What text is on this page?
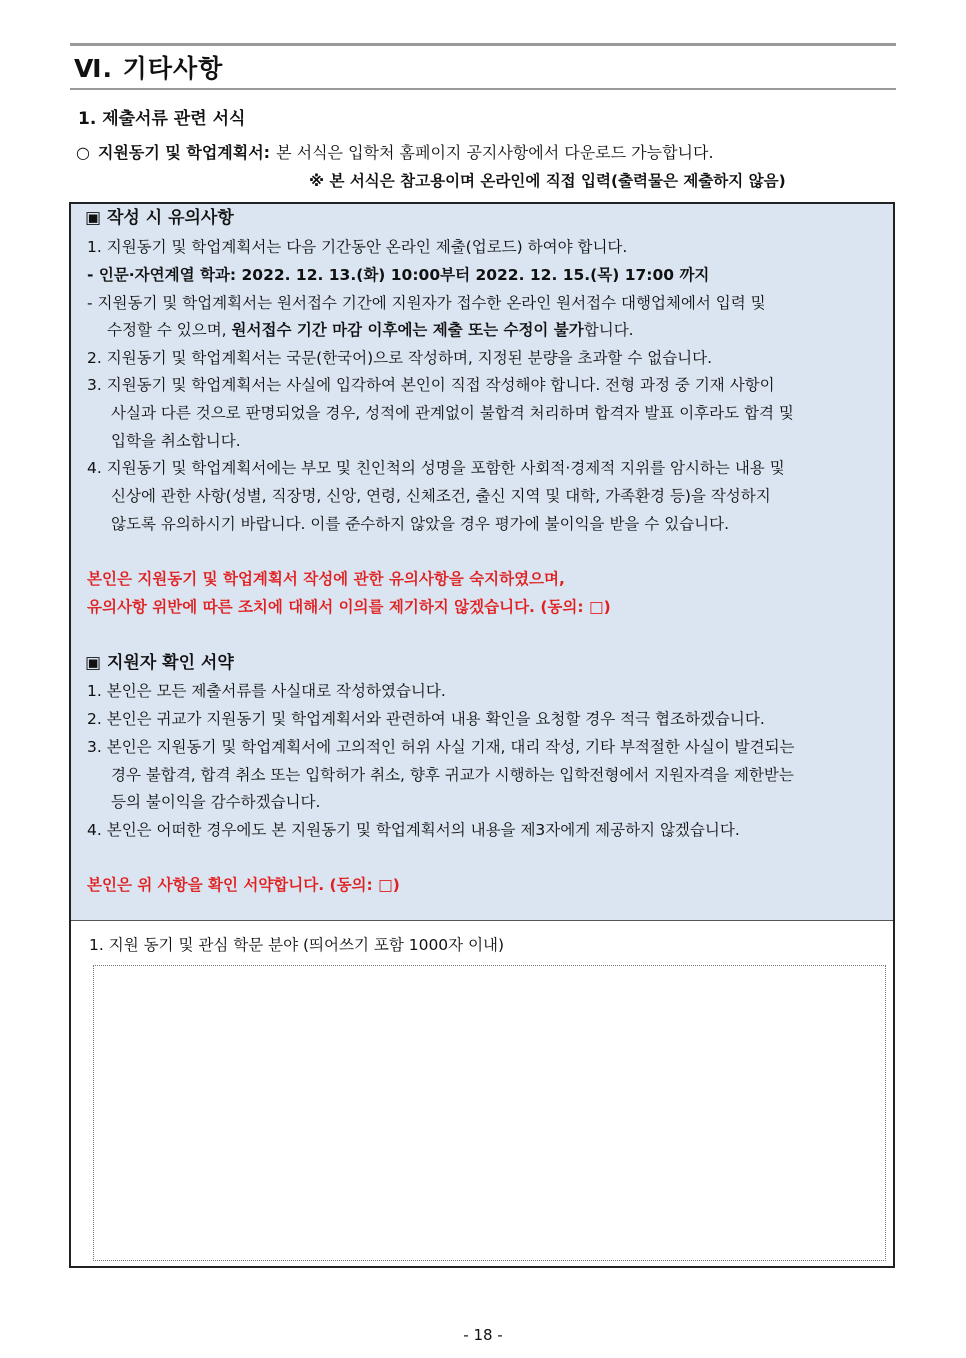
Ⅵ. 기타사항
1. 제출서류 관련 서식
○ 지원동기 및 학업계획서: 본 서식은 입학처 홈페이지 공지사항에서 다운로드 가능합니다.
※ 본 서식은 참고용이며 온라인에 직접 입력(출력물은 제출하지 않음)
▣ 작성 시 유의사항
1. 지원동기 및 학업계획서는 다음 기간동안 온라인 제출(업로드) 하여야 합니다.
- 인문·자연계열 학과: 2022. 12. 13.(화) 10:00부터 2022. 12. 15.(목) 17:00 까지
- 지원동기 및 학업계획서는 원서접수 기간에 지원자가 접수한 온라인 원서접수 대행업체에서 입력 및
수정할 수 있으며, 원서접수 기간 마감 이후에는 제출 또는 수정이 불가합니다.
2. 지원동기 및 학업계획서는 국문(한국어)으로 작성하며, 지정된 분량을 초과할 수 없습니다.
3. 지원동기 및 학업계획서는 사실에 입각하여 본인이 직접 작성해야 합니다. 전형 과정 중 기재 사항이
사실과 다른 것으로 판명되었을 경우, 성적에 관계없이 불합격 처리하며 합격자 발표 이후라도 합격 및
입학을 취소합니다.
4. 지원동기 및 학업계획서에는 부모 및 친인척의 성명을 포함한 사회적·경제적 지위를 암시하는 내용 및
신상에 관한 사항(성별, 직장명, 신앙, 연령, 신체조건, 출신 지역 및 대학, 가족환경 등)을 작성하지
않도록 유의하시기 바랍니다. 이를 준수하지 않았을 경우 평가에 불이익을 받을 수 있습니다.
본인은 지원동기 및 학업계획서 작성에 관한 유의사항을 숙지하였으며,
유의사항 위반에 따른 조치에 대해서 이의를 제기하지 않겠습니다. (동의: □)
▣ 지원자 확인 서약
1. 본인은 모든 제출서류를 사실대로 작성하였습니다.
2. 본인은 귀교가 지원동기 및 학업계획서와 관련하여 내용 확인을 요청할 경우 적극 협조하겠습니다.
3. 본인은 지원동기 및 학업계획서에 고의적인 허위 사실 기재, 대리 작성, 기타 부적절한 사실이 발견되는
경우 불합격, 합격 취소 또는 입학허가 취소, 향후 귀교가 시행하는 입학전형에서 지원자격을 제한받는
등의 불이익을 감수하겠습니다.
4. 본인은 어떠한 경우에도 본 지원동기 및 학업계획서의 내용을 제3자에게 제공하지 않겠습니다.
본인은 위 사항을 확인 서약합니다. (동의: □)
1. 지원 동기 및 관심 학문 분야 (띄어쓰기 포함 1000자 이내)
- 18 -
